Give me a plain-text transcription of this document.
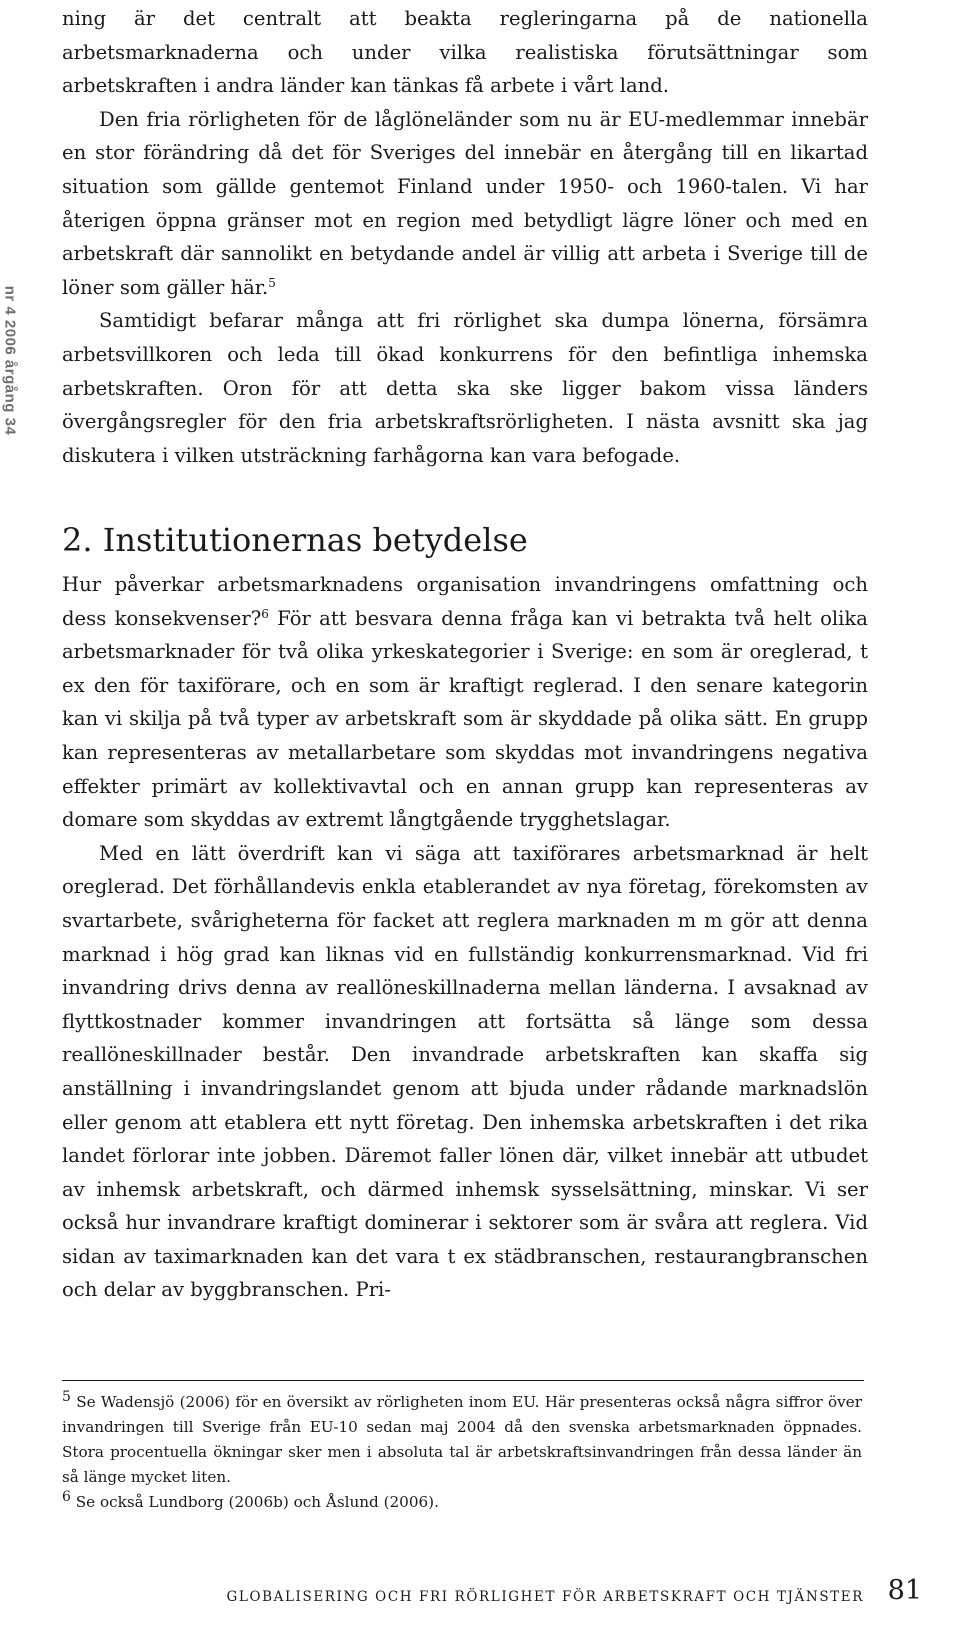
nr 4 2006 årgång 34

ning är det centralt att beakta regleringarna på de nationella arbetsmarknaderna och under vilka realistiska förutsättningar som arbetskraften i andra länder kan tänkas få arbete i vårt land.

Den fria rörligheten för de låglöneländer som nu är EU-medlemmar innebär en stor förändring då det för Sveriges del innebär en återgång till en likartad situation som gällde gentemot Finland under 1950- och 1960-talen. Vi har återigen öppna gränser mot en region med betydligt lägre löner och med en arbetskraft där sannolikt en betydande andel är villig att arbeta i Sverige till de löner som gäller här.$^5$

Samtidigt befarar många att fri rörlighet ska dumpa lönerna, försämra arbetsvillkoren och leda till ökad konkurrens för den befintliga inhemska arbetskraften. Oron för att detta ska ske ligger bakom vissa länders övergångsregler för den fria arbetskraftsrörligheten. I nästa avsnitt ska jag diskutera i vilken utsträckning farhågorna kan vara befogade.

2. Institutionernas betydelse

Hur påverkar arbetsmarknadens organisation invandringens omfattning och dess konsekvenser?$^6$ För att besvara denna fråga kan vi betrakta två helt olika arbetsmarknader för två olika yrkeskategorier i Sverige: en som är oreglerad, t ex den för taxiförare, och en som är kraftigt reglerad. I den senare kategorin kan vi skilja på två typer av arbetskraft som är skyddade på olika sätt. En grupp kan representeras av metallarbetare som skyddas mot invandringens negativa effekter primärt av kollektivavtal och en annan grupp kan representeras av domare som skyddas av extremt långtgående trygghetslagar.

Med en lätt överdrift kan vi säga att taxiförares arbetsmarknad är helt oreglerad. Det förhållandevis enkla etablerandet av nya företag, förekomsten av svartarbete, svårigheterna för facket att reglera marknaden m m gör att denna marknad i hög grad kan liknas vid en fullständig konkurrensmarknad. Vid fri invandring drivs denna av reallöneskillnaderna mellan länderna. I avsaknad av flyttkostnader kommer invandringen att fortsätta så länge som dessa reallöneskillnader består. Den invandrade arbetskraften kan skaffa sig anställning i invandringslandet genom att bjuda under rådande marknadslön eller genom att etablera ett nytt företag. Den inhemska arbetskraften i det rika landet förlorar inte jobben. Däremot faller lönen där, vilket innebär att utbudet av inhemsk arbetskraft, och därmed inhemsk sysselsättning, minskar. Vi ser också hur invandrare kraftigt dominerar i sektorer som är svåra att reglera. Vid sidan av taximarknaden kan det vara t ex städbranschen, restaurangbranschen och delar av byggbranschen. Pri-

5 Se Wadensjö (2006) för en översikt av rörligheten inom EU. Här presenteras också några siffror över invandringen till Sverige från EU-10 sedan maj 2004 då den svenska arbetsmarknaden öppnades. Stora procentuella ökningar sker men i absoluta tal är arbetskraftsinvandringen från dessa länder än så länge mycket liten.

6 Se också Lundborg (2006b) och Åslund (2006).

GLOBALISERING OCH FRI RÖRLIGHET FÖR ARBETSKRAFT OCH TJÄNSTER 81
